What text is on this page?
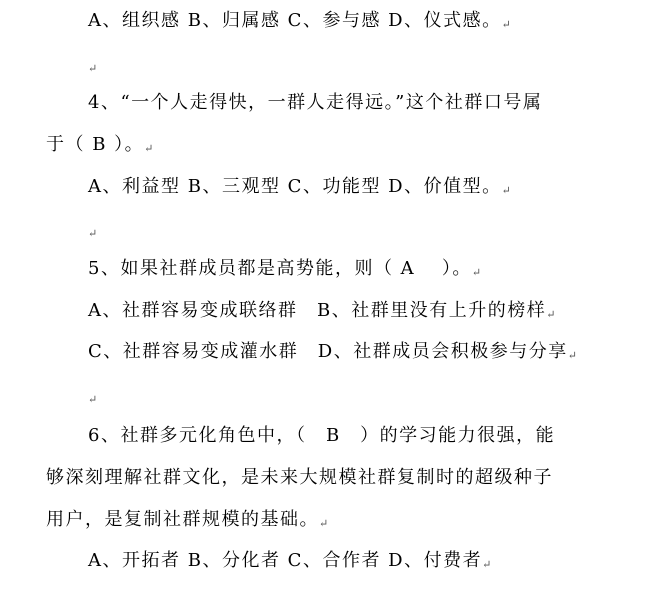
A、组织感 B、归属感 C、参与感 D、仪式感。↵
↵
4、“一个人走得快，一群人走得远。”这个社群口号属
于（ B ）。↵
A、利益型 B、三观型 C、功能型 D、价值型。↵
↵
5、如果社群成员都是高势能，则（ A　 ）。↵
A、社群容易变成联络群　B、社群里没有上升的榜样↵
C、社群容易变成灌水群　D、社群成员会积极参与分享↵
↵
6、社群多元化角色中，（　B　）的学习能力很强，能
够深刻理解社群文化，是未来大规模社群复制时的超级种子
用户，是复制社群规模的基础。↵
A、开拓者 B、分化者 C、合作者 D、付费者↵
